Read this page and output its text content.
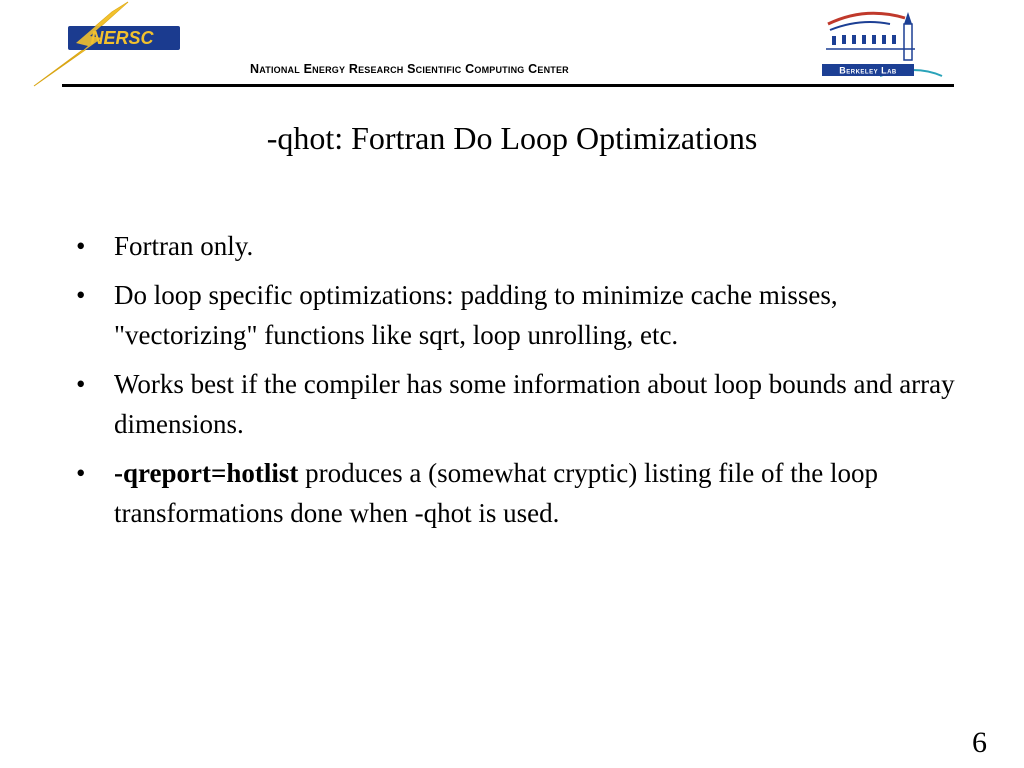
NERSC
National Energy Research Scientific Computing Center	Berkeley Lab
-qhot: Fortran Do Loop Optimizations
• Fortran only.
• Do loop specific optimizations: padding to minimize cache misses, "vectorizing" functions like sqrt, loop unrolling, etc.
• Works best if the compiler has some information about loop bounds and array dimensions.
• -qreport=hotlist produces a (somewhat cryptic) listing file of the loop transformations done when -qhot is used.
6
